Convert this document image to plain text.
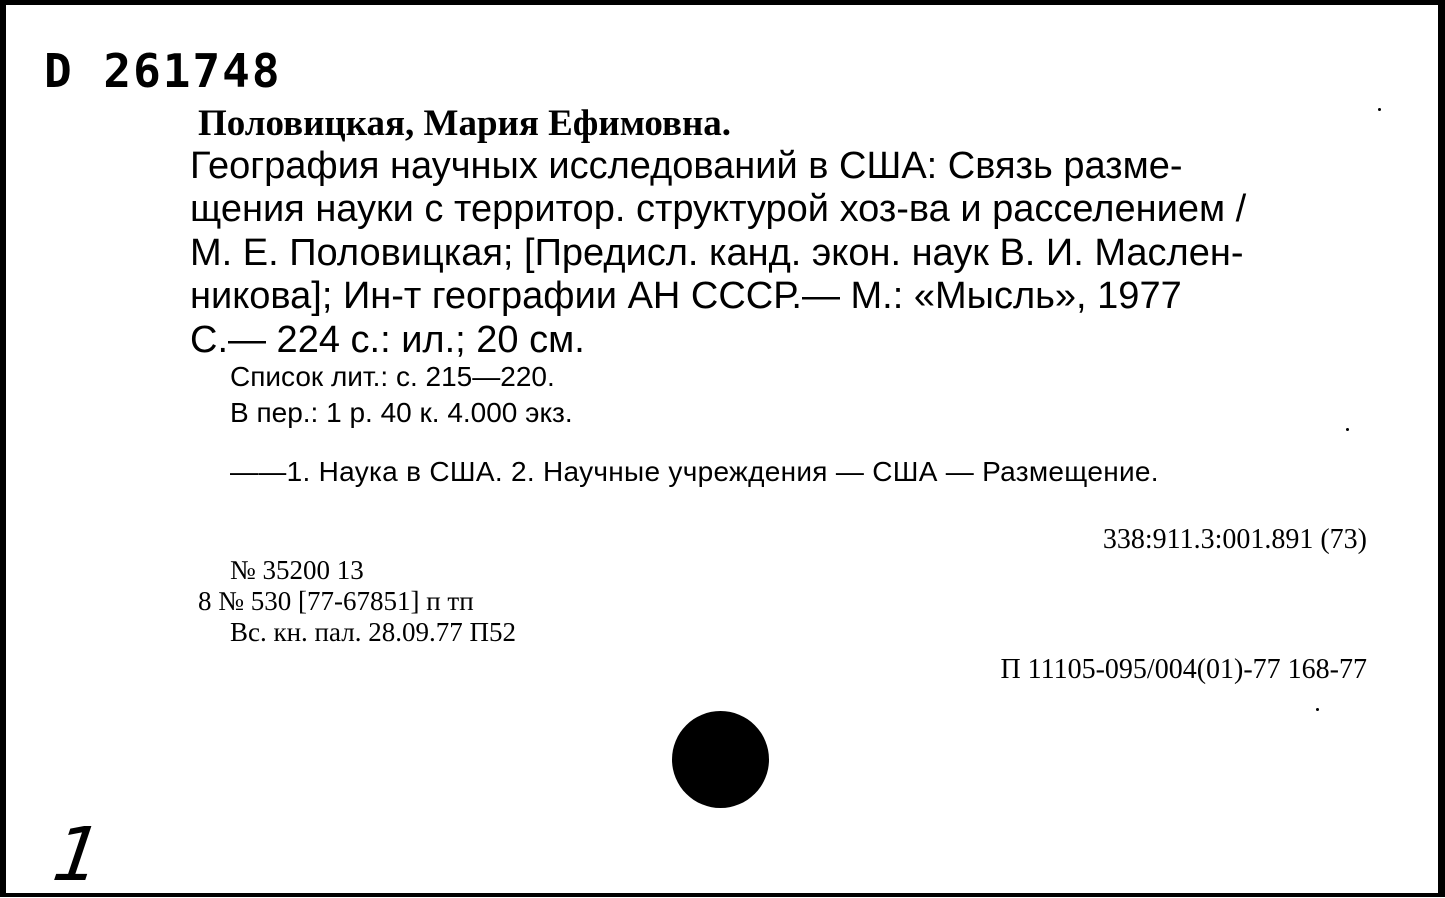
D 261748
Половицкая, Мария Ефимовна.
География научных исследований в США: Связь разме-
щения науки с территор. структурой хоз-ва и расселением /
М. Е. Половицкая; [Предисл. канд. экон. наук В. И. Маслен-
никова]; Ин-т географии АН СССР.— М.: «Мысль», 1977
С.— 224 с.: ил.; 20 см.
Список лит.: с. 215—220.
В пер.: 1 р. 40 к. 4.000 экз.
——1. Наука в США. 2. Научные учреждения — США — Размещение.
338:911.3:001.891 (73)
№ 35200 13
8 № 530 [77-67851] п тп
Вс. кн. пал. 28.09.77 П52
П 11105-095/004(01)-77 168-77
1
